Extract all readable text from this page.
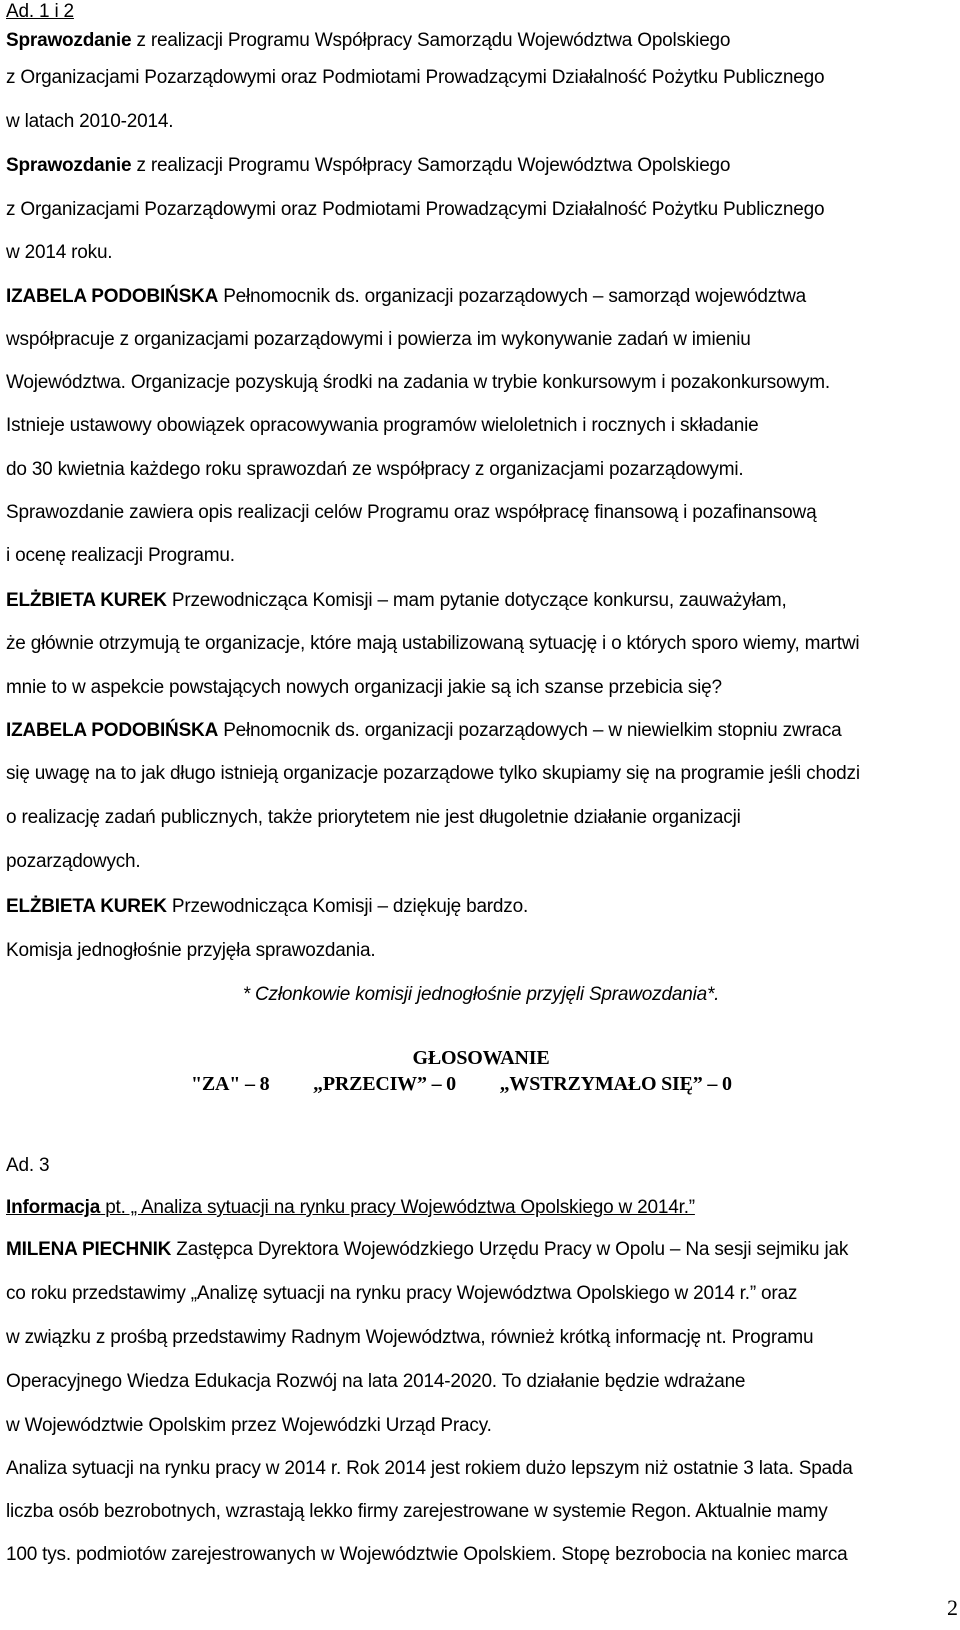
Ad. 1 i 2
Sprawozdanie z realizacji Programu Współpracy Samorządu Województwa Opolskiego
z Organizacjami Pozarządowymi oraz Podmiotami Prowadzącymi Działalność Pożytku Publicznego
w latach 2010-2014.
Sprawozdanie z realizacji Programu Współpracy Samorządu Województwa Opolskiego
z Organizacjami Pozarządowymi oraz Podmiotami Prowadzącymi Działalność Pożytku Publicznego
w 2014 roku.
IZABELA PODOBIŃSKA Pełnomocnik ds. organizacji pozarządowych – samorząd województwa
współpracuje z organizacjami pozarządowymi i powierza im wykonywanie zadań w imieniu
Województwa. Organizacje pozyskują środki na zadania w trybie konkursowym i pozakonkursowym.
Istnieje ustawowy obowiązek opracowywania programów wieloletnich i rocznych i składanie
do 30 kwietnia każdego roku sprawozdań ze współpracy z organizacjami pozarządowymi.
Sprawozdanie zawiera opis realizacji celów Programu oraz współpracę finansową i pozafinansową
i ocenę realizacji Programu.
ELŻBIETA KUREK Przewodnicząca Komisji – mam pytanie dotyczące konkursu, zauważyłam,
że głównie otrzymują te organizacje, które mają ustabilizowaną sytuację i o których sporo wiemy, martwi
mnie to w aspekcie powstających nowych organizacji jakie są ich szanse przebicia się?
IZABELA PODOBIŃSKA Pełnomocnik ds. organizacji pozarządowych – w niewielkim stopniu zwraca
się uwagę na to jak długo istnieją organizacje pozarządowe tylko skupiamy się na programie jeśli chodzi
o realizację zadań publicznych, także priorytetem nie jest długoletnie działanie organizacji
pozarządowych.
ELŻBIETA KUREK Przewodnicząca Komisji – dziękuję bardzo.
Komisja jednogłośnie przyjęła sprawozdania.
* Członkowie komisji jednogłośnie przyjęli Sprawozdania*.
GŁOSOWANIE
"ZA" – 8 „PRZECIW” – 0 „WSTRZYMAŁO SIĘ” – 0
Ad. 3
Informacja pt. „ Analiza sytuacji na rynku pracy Województwa Opolskiego w 2014r.”
MILENA PIECHNIK Zastępca Dyrektora Wojewódzkiego Urzędu Pracy w Opolu – Na sesji sejmiku jak
co roku przedstawimy „Analizę sytuacji na rynku pracy Województwa Opolskiego w 2014 r.” oraz
w związku z prośbą przedstawimy Radnym Województwa, również krótką informację nt. Programu
Operacyjnego Wiedza Edukacja Rozwój na lata 2014-2020. To działanie będzie wdrażane
w Województwie Opolskim przez Wojewódzki Urząd Pracy.
Analiza sytuacji na rynku pracy w 2014 r. Rok 2014 jest rokiem dużo lepszym niż ostatnie 3 lata. Spada
liczba osób bezrobotnych, wzrastają lekko firmy zarejestrowane w systemie Regon. Aktualnie mamy
100 tys. podmiotów zarejestrowanych w Województwie Opolskiem. Stopę bezrobocia na koniec marca
2
